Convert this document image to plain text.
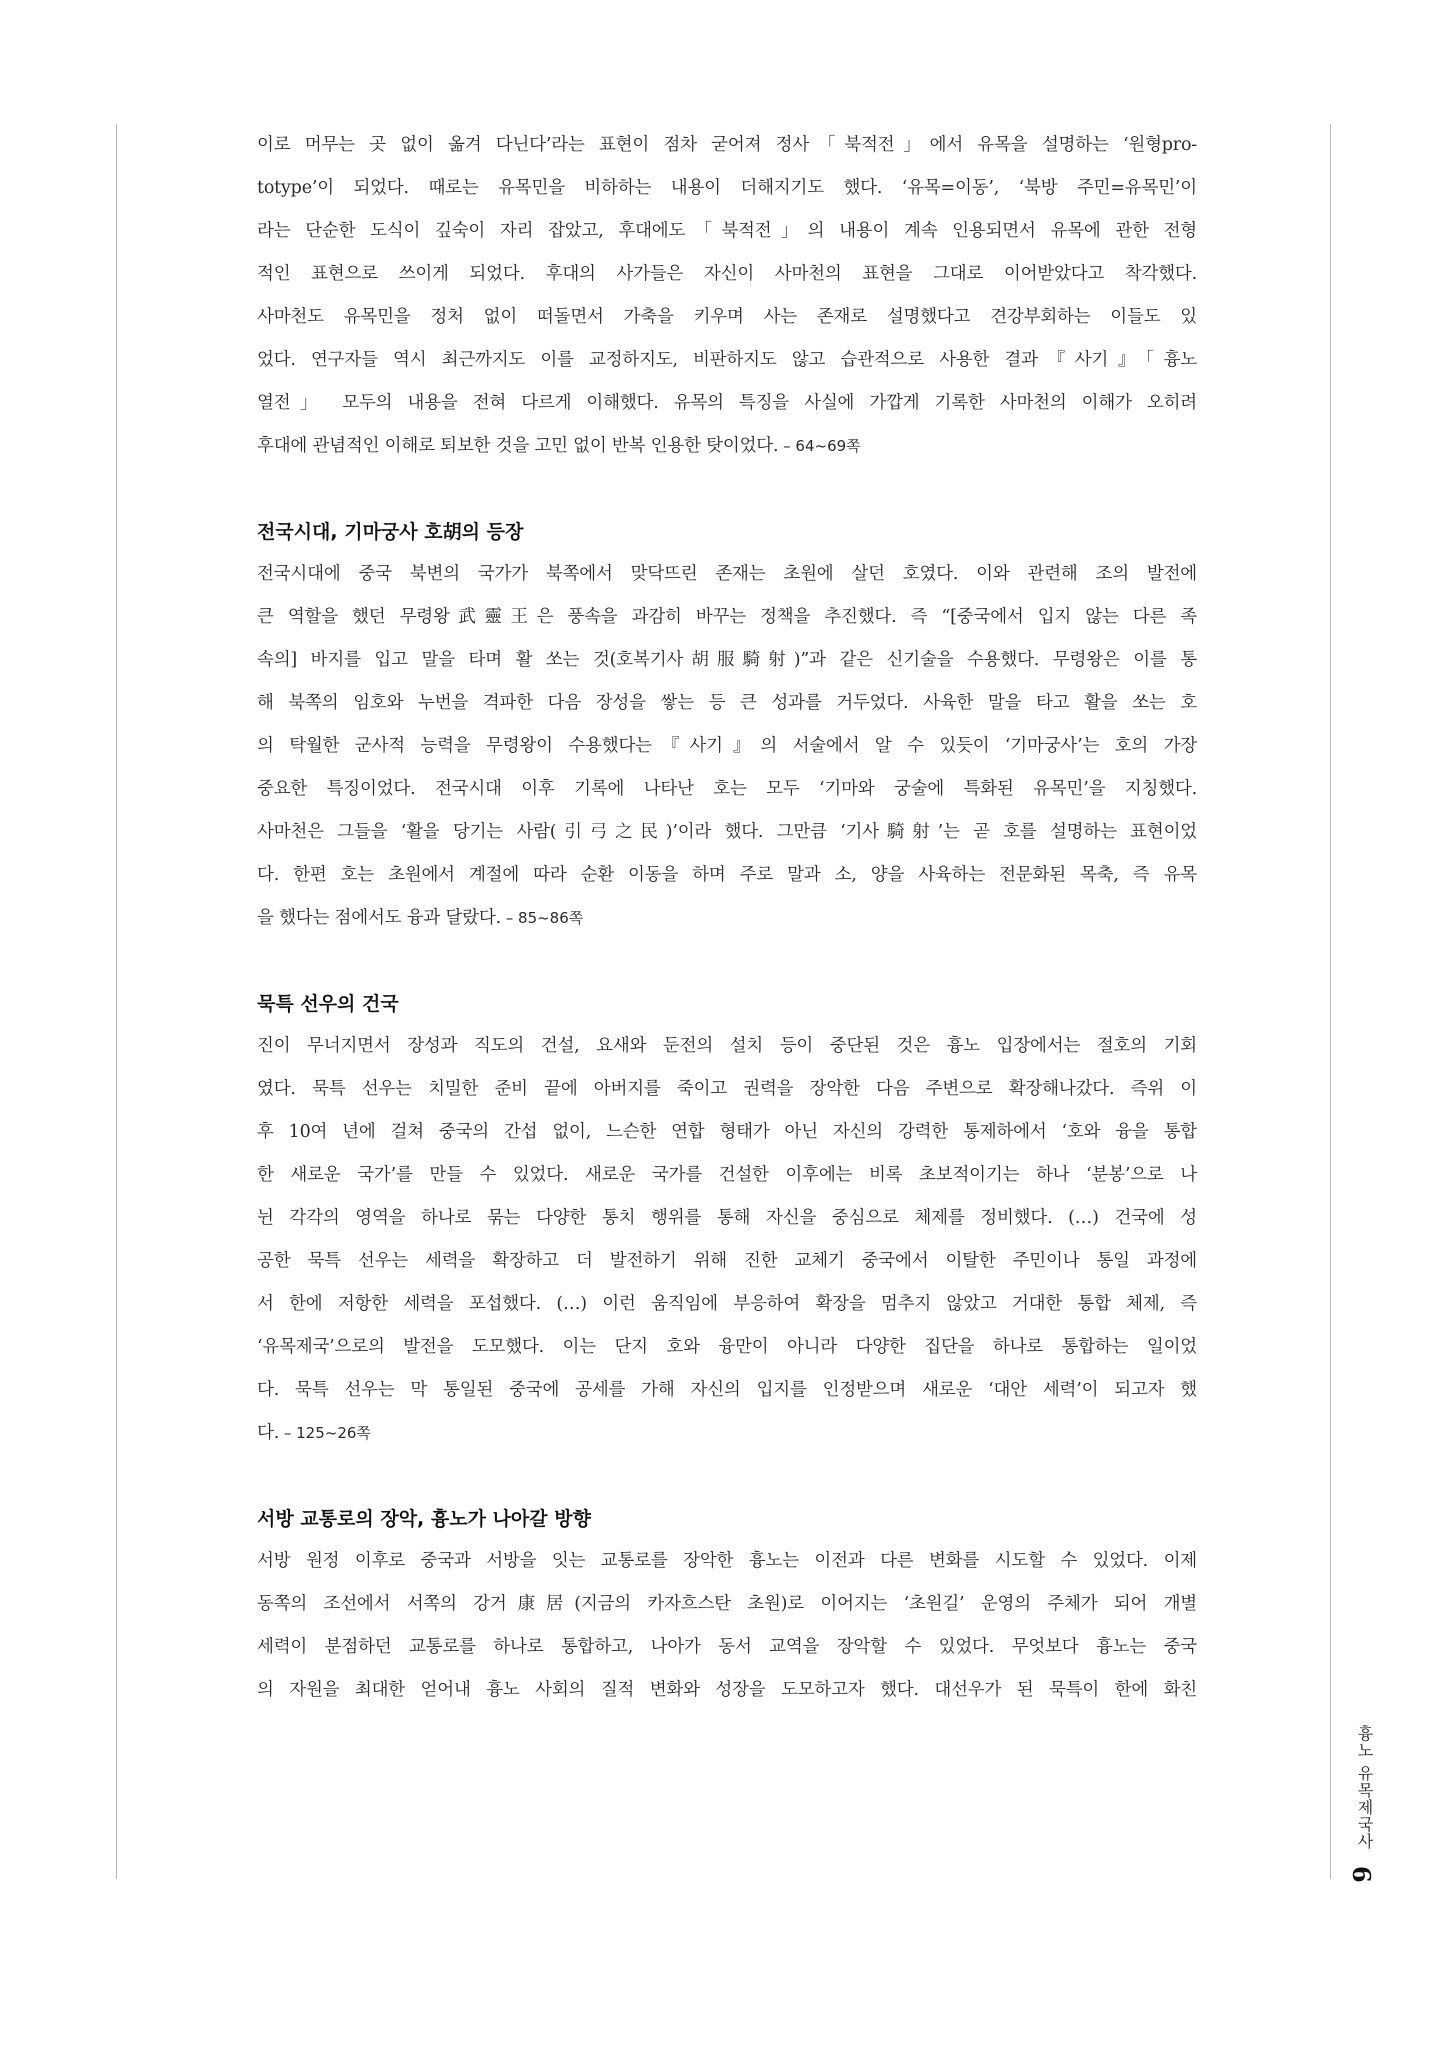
이로 머무는 곳 없이 옮겨 다닌다’라는 표현이 점차 굳어져 정사「북적전」에서 유목을 설명하는 ‘원형pro-
totype’이 되었다. 때로는 유목민을 비하하는 내용이 더해지기도 했다. ‘유목=이동’, ‘북방 주민=유목민’이
라는 단순한 도식이 깊숙이 자리 잡았고, 후대에도「북적전」의 내용이 계속 인용되면서 유목에 관한 전형
적인 표현으로 쓰이게 되었다. 후대의 사가들은 자신이 사마천의 표현을 그대로 이어받았다고 착각했다.
사마천도 유목민을 정처 없이 떠돌면서 가축을 키우며 사는 존재로 설명했다고 견강부회하는 이들도 있
었다. 연구자들 역시 최근까지도 이를 교정하지도, 비판하지도 않고 습관적으로 사용한 결과『사기』「흉노
열전」 모두의 내용을 전혀 다르게 이해했다. 유목의 특징을 사실에 가깝게 기록한 사마천의 이해가 오히려
후대에 관념적인 이해로 퇴보한 것을 고민 없이 반복 인용한 탓이었다. – 64~69쪽
전국시대, 기마궁사 호胡의 등장
전국시대에 중국 북변의 국가가 북쪽에서 맞닥뜨린 존재는 초원에 살던 호였다. 이와 관련해 조의 발전에
큰 역할을 했던 무령왕武靈王은 풍속을 과감히 바꾸는 정책을 추진했다. 즉 “[중국에서 입지 않는 다른 족
속의] 바지를 입고 말을 타며 활 쏘는 것(호복기사胡服騎射)”과 같은 신기술을 수용했다. 무령왕은 이를 통
해 북쪽의 임호와 누번을 격파한 다음 장성을 쌓는 등 큰 성과를 거두었다. 사육한 말을 타고 활을 쏘는 호
의 탁월한 군사적 능력을 무령왕이 수용했다는『사기』의 서술에서 알 수 있듯이 ‘기마궁사’는 호의 가장
중요한 특징이었다. 전국시대 이후 기록에 나타난 호는 모두 ‘기마와 궁술에 특화된 유목민’을 지칭했다.
사마천은 그들을 ‘활을 당기는 사람(引弓之民)’이라 했다. 그만큼 ‘기사騎射’는 곧 호를 설명하는 표현이었
다. 한편 호는 초원에서 계절에 따라 순환 이동을 하며 주로 말과 소, 양을 사육하는 전문화된 목축, 즉 유목
을 했다는 점에서도 융과 달랐다. – 85~86쪽
묵특 선우의 건국
진이 무너지면서 장성과 직도의 건설, 요새와 둔전의 설치 등이 중단된 것은 흉노 입장에서는 절호의 기회
였다. 묵특 선우는 치밀한 준비 끝에 아버지를 죽이고 권력을 장악한 다음 주변으로 확장해나갔다. 즉위 이
후 10여 년에 걸쳐 중국의 간섭 없이, 느슨한 연합 형태가 아닌 자신의 강력한 통제하에서 ‘호와 융을 통합
한 새로운 국가’를 만들 수 있었다. 새로운 국가를 건설한 이후에는 비록 초보적이기는 하나 ‘분봉’으로 나
뉜 각각의 영역을 하나로 묶는 다양한 통치 행위를 통해 자신을 중심으로 체제를 정비했다. (…) 건국에 성
공한 묵특 선우는 세력을 확장하고 더 발전하기 위해 진한 교체기 중국에서 이탈한 주민이나 통일 과정에
서 한에 저항한 세력을 포섭했다. (…) 이런 움직임에 부응하여 확장을 멈추지 않았고 거대한 통합 체제, 즉
‘유목제국’으로의 발전을 도모했다. 이는 단지 호와 융만이 아니라 다양한 집단을 하나로 통합하는 일이었
다. 묵특 선우는 막 통일된 중국에 공세를 가해 자신의 입지를 인정받으며 새로운 ‘대안 세력’이 되고자 했
다. – 125~26쪽
서방 교통로의 장악, 흉노가 나아갈 방향
서방 원정 이후로 중국과 서방을 잇는 교통로를 장악한 흉노는 이전과 다른 변화를 시도할 수 있었다. 이제
동쪽의 조선에서 서쪽의 강거康居(지금의 카자흐스탄 초원)로 이어지는 ‘초원길’ 운영의 주체가 되어 개별
세력이 분점하던 교통로를 하나로 통합하고, 나아가 동서 교역을 장악할 수 있었다. 무엇보다 흉노는 중국
의 자원을 최대한 얻어내 흉노 사회의 질적 변화와 성장을 도모하고자 했다. 대선우가 된 묵특이 한에 화친
흉노 유목제국사
6
